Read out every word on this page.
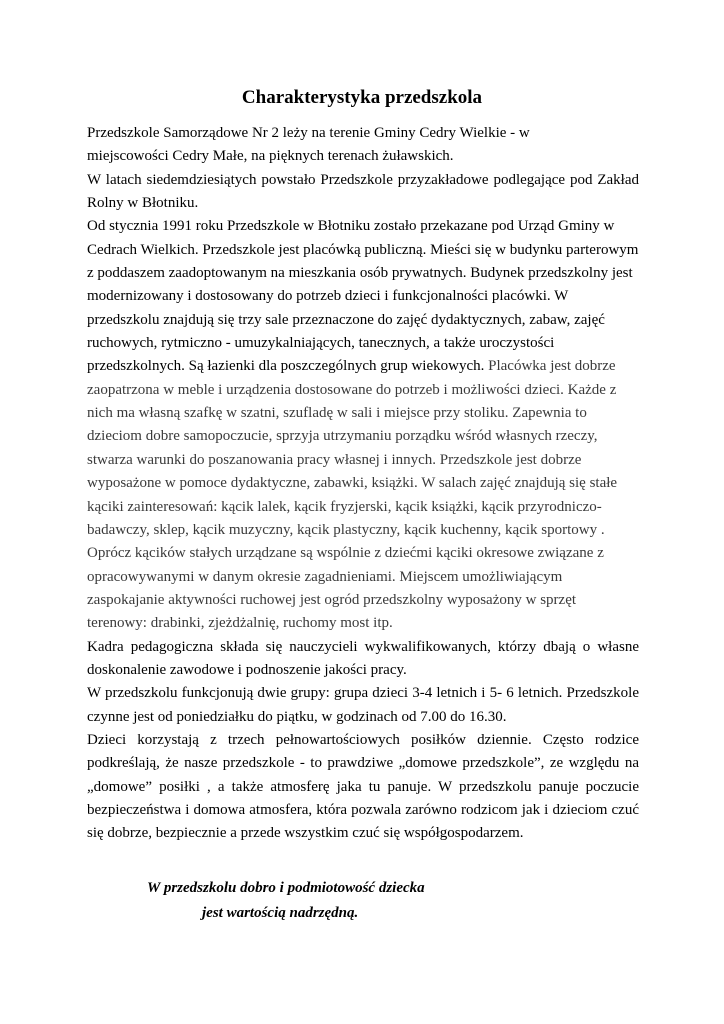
Charakterystyka przedszkola

Przedszkole Samorządowe Nr 2 leży na terenie Gminy Cedry Wielkie - w miejscowości Cedry Małe, na pięknych terenach żuławskich.

W latach siedemdziesiątych powstało Przedszkole przyzakładowe podlegające pod Zakład Rolny w Błotniku.

Od stycznia 1991 roku Przedszkole w Błotniku zostało przekazane pod Urząd Gminy w Cedrach Wielkich. Przedszkole jest placówką publiczną. Mieści się w budynku parterowym z poddaszem zaadoptowanym na mieszkania osób prywatnych. Budynek przedszkolny jest modernizowany i dostosowany do potrzeb dzieci i funkcjonalności placówki. W przedszkolu znajdują się trzy sale przeznaczone do zajęć dydaktycznych, zabaw, zajęć ruchowych, rytmiczno - umuzykalniających, tanecznych, a także uroczystości przedszkolnych. Są łazienki dla poszczególnych grup wiekowych.

Placówka jest dobrze zaopatrzona w meble i urządzenia dostosowane do potrzeb i możliwości dzieci. Każde z nich ma własną szafkę w szatni, szufladę w sali i miejsce przy stoliku. Zapewnia to dzieciom dobre samopoczucie, sprzyja utrzymaniu porządku wśród własnych rzeczy, stwarza warunki do poszanowania pracy własnej i innych. Przedszkole jest dobrze wyposażone w pomoce dydaktyczne, zabawki, książki. W salach zajęć znajdują się stałe kąciki zainteresowań: kącik lalek, kącik fryzjerski, kącik książki, kącik przyrodniczo- badawczy, sklep, kącik muzyczny, kącik plastyczny, kącik kuchenny, kącik sportowy . Oprócz kącików stałych urządzane są wspólnie z dziećmi kąciki okresowe związane z opracowywanymi w danym okresie zagadnieniami. Miejscem umożliwiającym zaspokajanie aktywności ruchowej jest ogród przedszkolny wyposażony w sprzęt terenowy: drabinki, zjeżdżalnię, ruchomy most itp.

Kadra pedagogiczna składa się nauczycieli wykwalifikowanych, którzy dbają o własne doskonalenie zawodowe i podnoszenie jakości pracy.

W przedszkolu funkcjonują dwie grupy: grupa dzieci 3-4 letnich i 5- 6 letnich. Przedszkole czynne jest od poniedziałku do piątku, w godzinach od 7.00 do 16.30.

Dzieci korzystają z trzech pełnowartościowych posiłków dziennie. Często rodzice podkreślają, że nasze przedszkole - to prawdziwe „domowe przedszkole”, ze względu na „domowe” posiłki , a także atmosferę jaka tu panuje. W przedszkolu panuje poczucie bezpieczeństwa i domowa atmosfera, która pozwala zarówno rodzicom jak i dzieciom czuć się dobrze, bezpiecznie a przede wszystkim czuć się współgospodarzem.

W przedszkolu dobro i podmiotowość dziecka
jest wartością nadrzędną.
